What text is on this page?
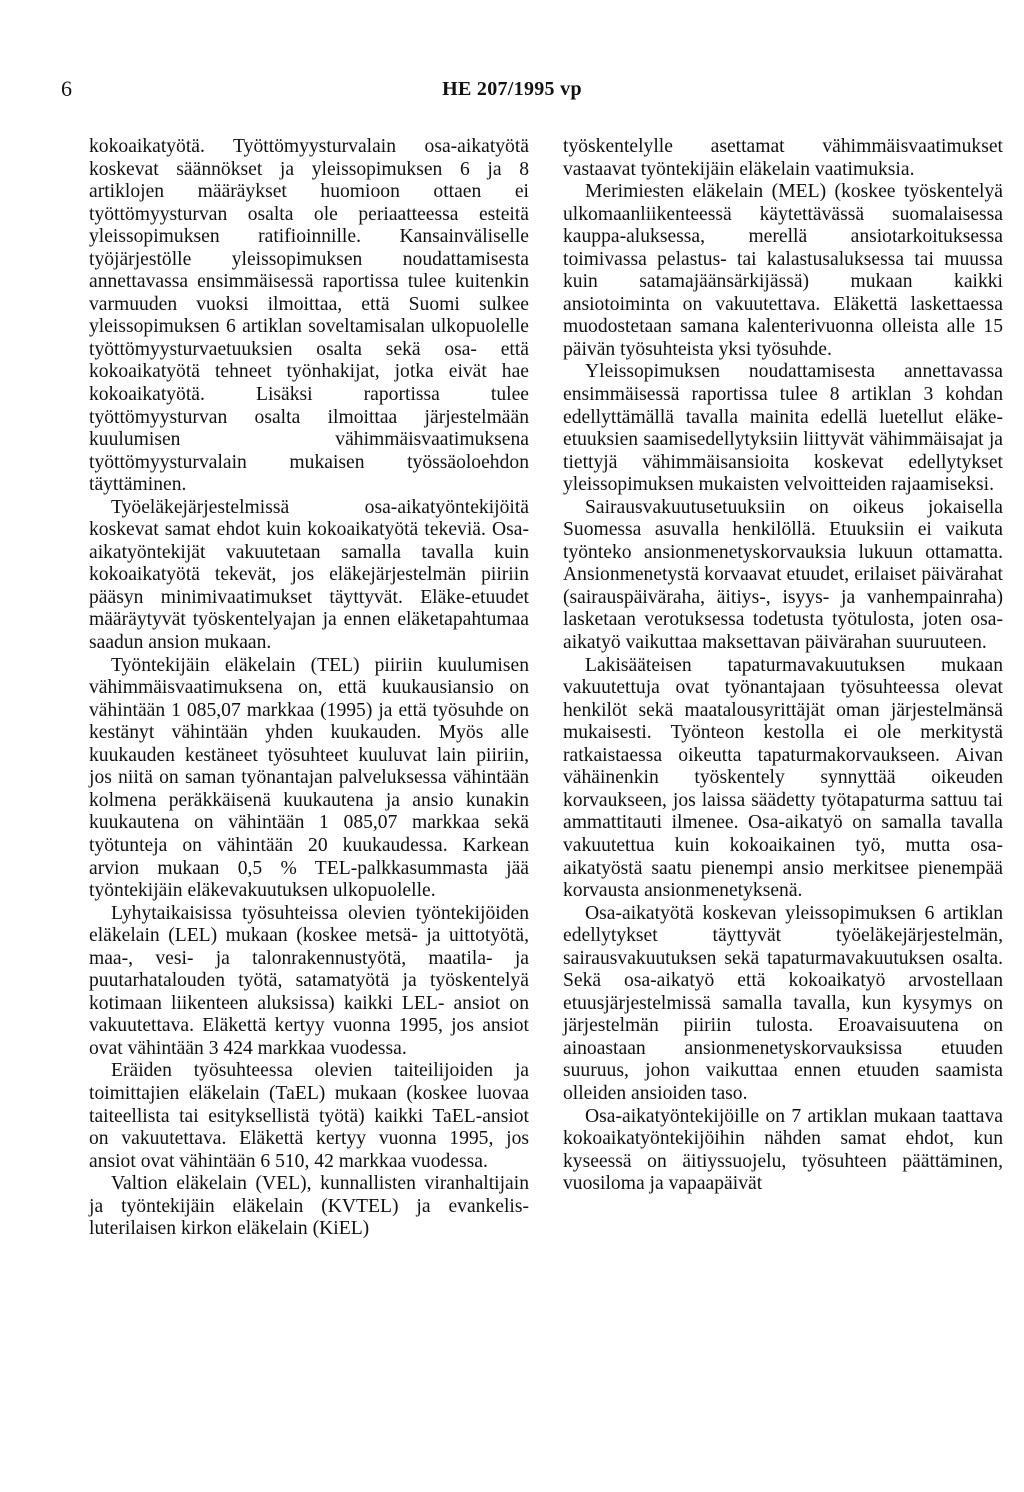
6	HE 207/1995 vp

kokoaikatyötä. Työttömyysturvalain osa-aikatyötä koskevat säännökset ja yleissopimuksen 6 ja 8 artiklojen määräykset huomioon ottaen ei työttömyysturvan osalta ole periaatteessa esteitä yleissopimuksen ratifioinnille. Kansainväliselle työjärjestölle yleissopimuksen noudattamisesta annettavassa ensimmäisessä raportissa tulee kuitenkin varmuuden vuoksi ilmoittaa, että Suomi sulkee yleissopimuksen 6 artiklan soveltamisalan ulkopuolelle työttömyysturvaetuuksien osalta sekä osa- että kokoaikatyötä tehneet työnhakijat, jotka eivät hae kokoaikatyötä. Lisäksi raportissa tulee työttömyysturvan osalta ilmoittaa järjestelmään kuulumisen vähimmäisvaatimuksena työttömyysturvalain mukaisen työssäoloehdon täyttäminen.

Työeläkejärjestelmissä osa-aikatyöntekijöitä koskevat samat ehdot kuin kokoaikatyötä tekeviä. Osa-aikatyöntekijät vakuutetaan samalla tavalla kuin kokoaikatyötä tekevät, jos eläkejärjestelmän piiriin pääsyn minimivaatimukset täyttyvät. Eläke-etuudet määräytyvät työskentelyajan ja ennen eläketapahtumaa saadun ansion mukaan.

Työntekijäin eläkelain (TEL) piiriin kuulumisen vähimmäisvaatimuksena on, että kuukausiansio on vähintään 1 085,07 markkaa (1995) ja että työsuhde on kestänyt vähintään yhden kuukauden. Myös alle kuukauden kestäneet työsuhteet kuuluvat lain piiriin, jos niitä on saman työnantajan palveluksessa vähintään kolmena peräkkäisenä kuukautena ja ansio kunakin kuukautena on vähintään 1 085,07 markkaa sekä työtunteja on vähintään 20 kuukaudessa. Karkean arvion mukaan 0,5 % TEL-palkkasummasta jää työntekijäin eläkevakuutuksen ulkopuolelle.

Lyhytaikaisissa työsuhteissa olevien työntekijöiden eläkelain (LEL) mukaan (koskee metsä- ja uittotyötä, maa-, vesi- ja talonrakennustyötä, maatila- ja puutarhatalouden työtä, satamatyötä ja työskentelyä kotimaan liikenteen aluksissa) kaikki LEL- ansiot on vakuutettava. Eläkettä kertyy vuonna 1995, jos ansiot ovat vähintään 3 424 markkaa vuodessa.

Eräiden työsuhteessa olevien taiteilijoiden ja toimittajien eläkelain (TaEL) mukaan (koskee luovaa taiteellista tai esityksellistä työtä) kaikki TaEL-ansiot on vakuutettava. Eläkettä kertyy vuonna 1995, jos ansiot ovat vähintään 6 510, 42 markkaa vuodessa.

Valtion eläkelain (VEL), kunnallisten viranhaltijain ja työntekijäin eläkelain (KVTEL) ja evankelis-luterilaisen kirkon eläkelain (KiEL)

työskentelylle asettamat vähimmäisvaatimukset vastaavat työntekijäin eläkelain vaatimuksia.

Merimiesten eläkelain (MEL) (koskee työskentelyä ulkomaanliikenteessä käytettävässä suomalaisessa kauppa-aluksessa, merellä ansiotarkoituksessa toimivassa pelastus- tai kalastusaluksessa tai muussa kuin satamajäänsärkijässä) mukaan kaikki ansiotoiminta on vakuutettava. Eläkettä laskettaessa muodostetaan samana kalenterivuonna olleista alle 15 päivän työsuhteista yksi työsuhde.

Yleissopimuksen noudattamisesta annettavassa ensimmäisessä raportissa tulee 8 artiklan 3 kohdan edellyttämällä tavalla mainita edellä luetellut eläke-etuuksien saamisedellytyksiin liittyvät vähimmäisajat ja tiettyjä vähimmäisansioita koskevat edellytykset yleissopimuksen mukaisten velvoitteiden rajaamiseksi.

Sairausvakuutusetuuksiin on oikeus jokaisella Suomessa asuvalla henkilöllä. Etuuksiin ei vaikuta työnteko ansionmenetyskorvauksia lukuun ottamatta. Ansionmenetystä korvaavat etuudet, erilaiset päivärahat (sairauspäiväraha, äitiys-, isyys- ja vanhempainraha) lasketaan verotuksessa todetusta työtulosta, joten osa-aikatyö vaikuttaa maksettavan päivärahan suuruuteen.

Lakisääteisen tapaturmavakuutuksen mukaan vakuutettuja ovat työnantajaan työsuhteessa olevat henkilöt sekä maatalousyrittäjät oman järjestelmänsä mukaisesti. Työnteon kestolla ei ole merkitystä ratkaistaessa oikeutta tapaturmakorvaukseen. Aivan vähäinenkin työskentely synnyttää oikeuden korvaukseen, jos laissa säädetty työtapaturma sattuu tai ammattitauti ilmenee. Osa-aikatyö on samalla tavalla vakuutettua kuin kokoaikainen työ, mutta osa-aikatyöstä saatu pienempi ansio merkitsee pienempää korvausta ansionmenetyksenä.

Osa-aikatyötä koskevan yleissopimuksen 6 artiklan edellytykset täyttyvät työeläkejärjestelmän, sairausvakuutuksen sekä tapaturmavakuutuksen osalta. Sekä osa-aikatyö että kokoaikatyö arvostellaan etuusjärjestelmissä samalla tavalla, kun kysymys on järjestelmän piiriin tulosta. Eroavaisuutena on ainoastaan ansionmenetyskorvauksissa etuuden suuruus, johon vaikuttaa ennen etuuden saamista olleiden ansioiden taso.

Osa-aikatyöntekijöille on 7 artiklan mukaan taattava kokoaikatyöntekijöihin nähden samat ehdot, kun kyseessä on äitiyssuojelu, työsuhteen päättäminen, vuosiloma ja vapaapäivät
